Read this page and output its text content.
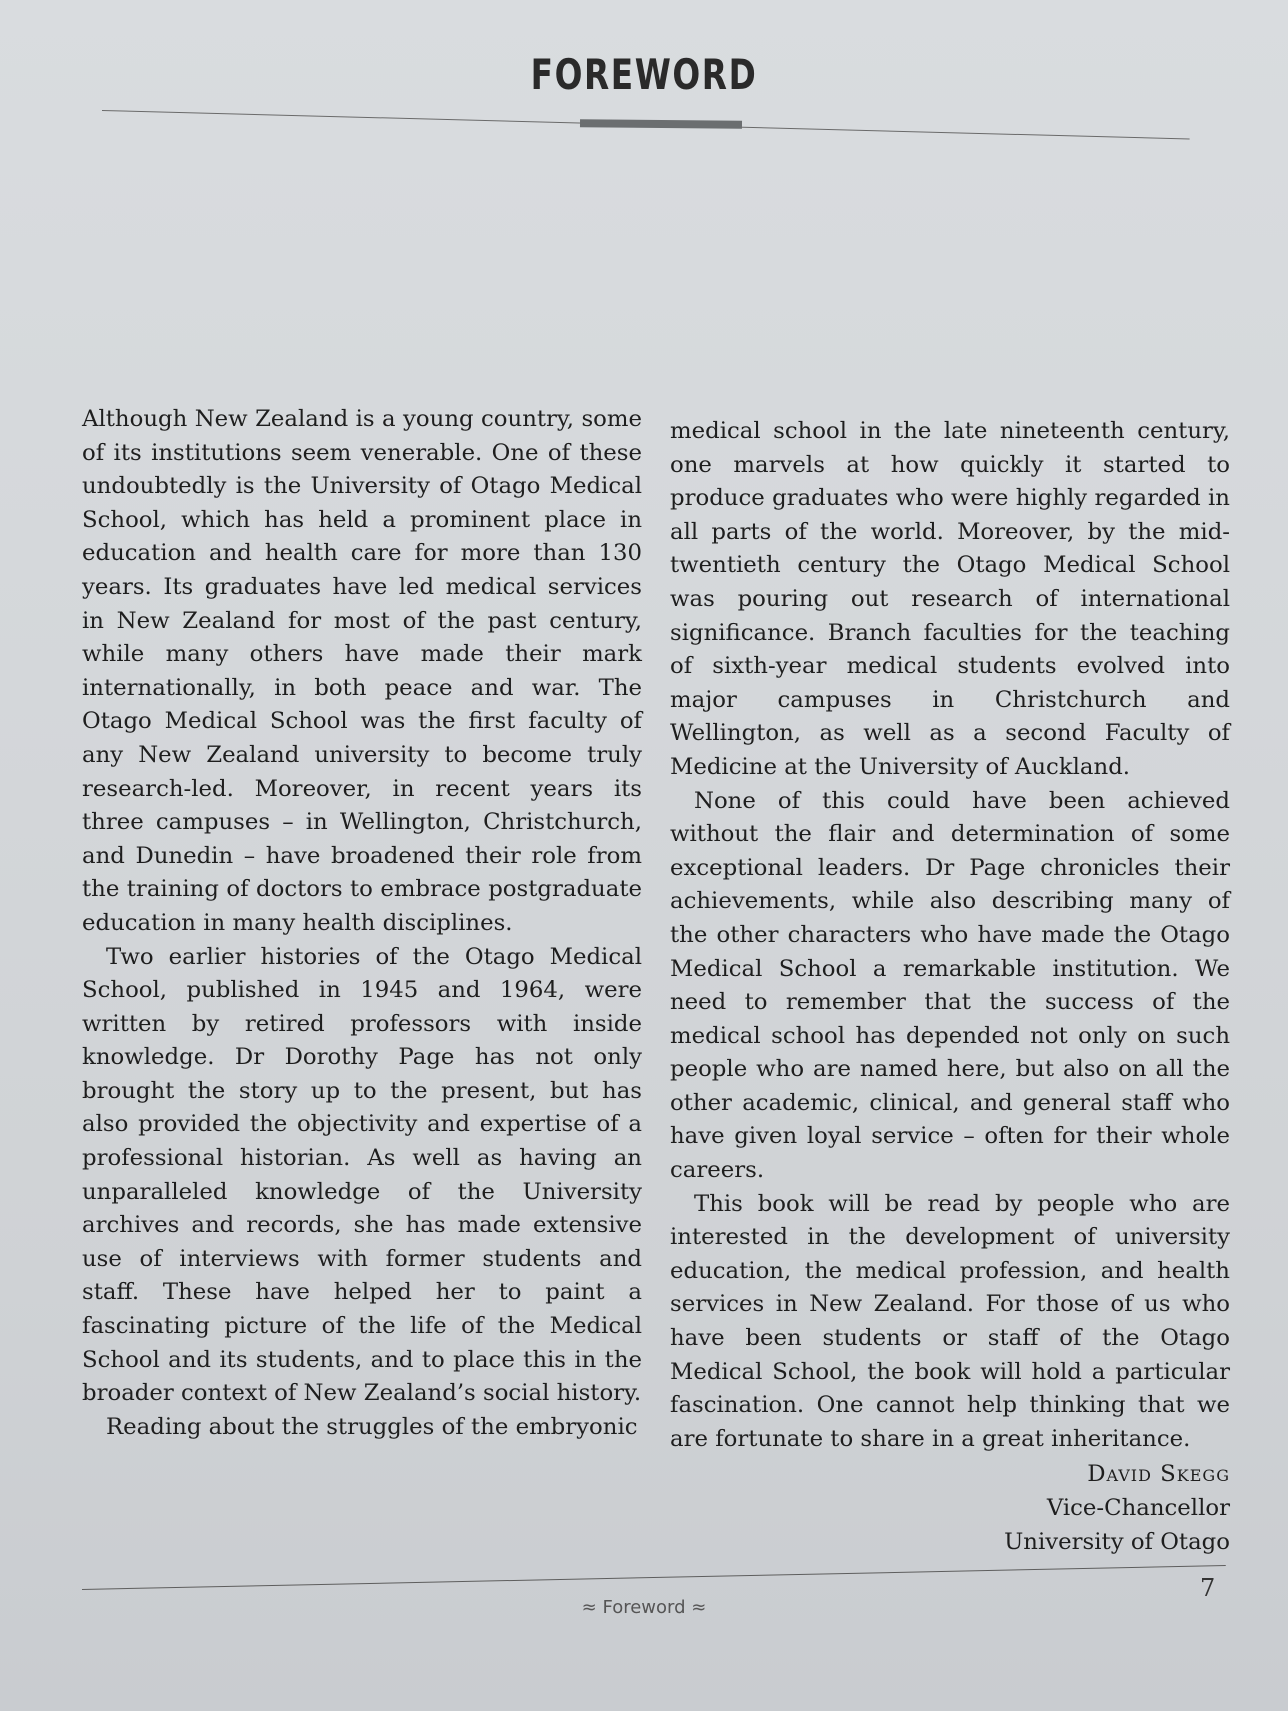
FOREWORD

Although New Zealand is a young country, some of its institutions seem venerable. One of these undoubtedly is the University of Otago Medical School, which has held a prominent place in education and health care for more than 130 years. Its graduates have led medical services in New Zealand for most of the past century, while many others have made their mark internationally, in both peace and war. The Otago Medical School was the first faculty of any New Zealand university to become truly research-led. Moreover, in recent years its three campuses – in Wellington, Christchurch, and Dunedin – have broadened their role from the training of doctors to embrace postgraduate education in many health disciplines.

Two earlier histories of the Otago Medical School, published in 1945 and 1964, were written by retired professors with inside knowledge. Dr Dorothy Page has not only brought the story up to the present, but has also provided the objectivity and expertise of a professional historian. As well as having an unparalleled knowledge of the University archives and records, she has made extensive use of interviews with former students and staff. These have helped her to paint a fascinating picture of the life of the Medical School and its students, and to place this in the broader context of New Zealand’s social history.

Reading about the struggles of the embryonic

medical school in the late nineteenth century, one marvels at how quickly it started to produce graduates who were highly regarded in all parts of the world. Moreover, by the mid-twentieth century the Otago Medical School was pouring out research of international significance. Branch faculties for the teaching of sixth-year medical students evolved into major campuses in Christchurch and Wellington, as well as a second Faculty of Medicine at the University of Auckland.

None of this could have been achieved without the flair and determination of some exceptional leaders. Dr Page chronicles their achievements, while also describing many of the other characters who have made the Otago Medical School a remarkable institution. We need to remember that the success of the medical school has depended not only on such people who are named here, but also on all the other academic, clinical, and general staff who have given loyal service – often for their whole careers.

This book will be read by people who are interested in the development of university education, the medical profession, and health services in New Zealand. For those of us who have been students or staff of the Otago Medical School, the book will hold a particular fascination. One cannot help thinking that we are fortunate to share in a great inheritance.

David Skegg
Vice-Chancellor
University of Otago
7
≈ Foreword ≈
